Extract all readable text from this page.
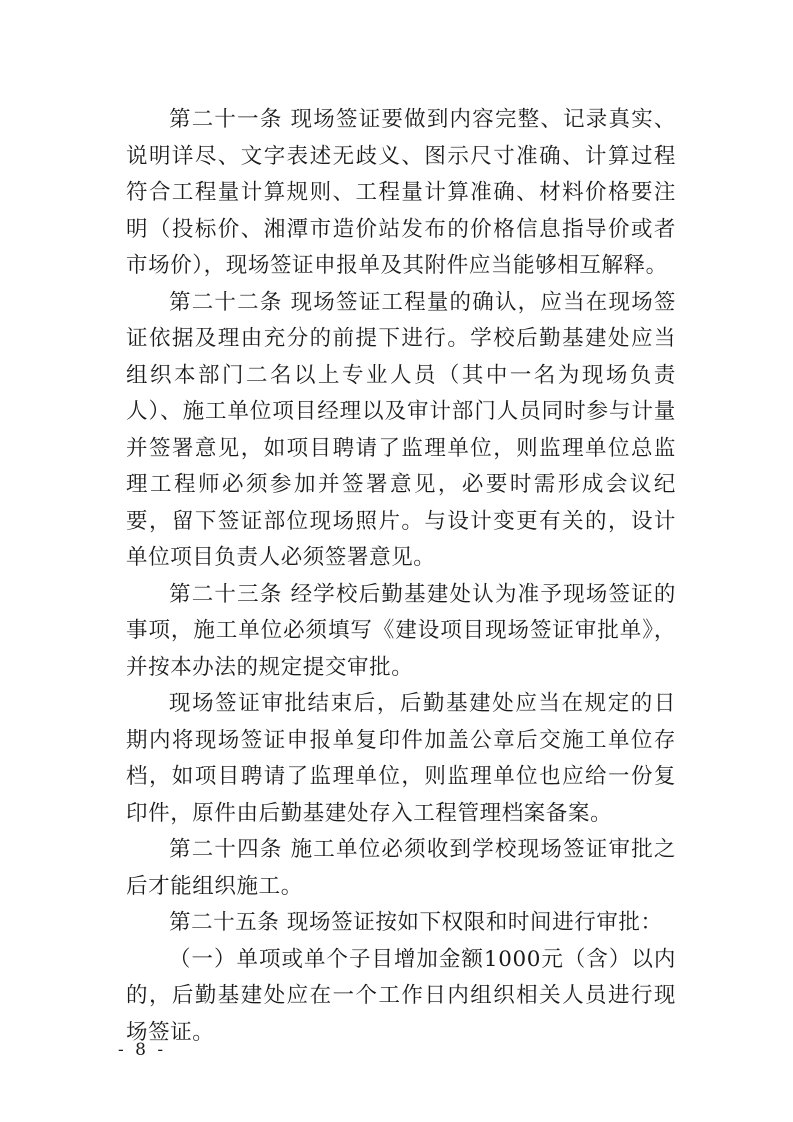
第二十一条 现场签证要做到内容完整、记录真实、说明详尽、文字表述无歧义、图示尺寸准确、计算过程符合工程量计算规则、工程量计算准确、材料价格要注明（投标价、湘潭市造价站发布的价格信息指导价或者市场价），现场签证申报单及其附件应当能够相互解释。

第二十二条 现场签证工程量的确认，应当在现场签证依据及理由充分的前提下进行。学校后勤基建处应当组织本部门二名以上专业人员（其中一名为现场负责人）、施工单位项目经理以及审计部门人员同时参与计量并签署意见，如项目聘请了监理单位，则监理单位总监理工程师必须参加并签署意见，必要时需形成会议纪要，留下签证部位现场照片。与设计变更有关的，设计单位项目负责人必须签署意见。

第二十三条 经学校后勤基建处认为准予现场签证的事项，施工单位必须填写《建设项目现场签证审批单》，并按本办法的规定提交审批。

现场签证审批结束后，后勤基建处应当在规定的日期内将现场签证申报单复印件加盖公章后交施工单位存档，如项目聘请了监理单位，则监理单位也应给一份复印件，原件由后勤基建处存入工程管理档案备案。

第二十四条 施工单位必须收到学校现场签证审批之后才能组织施工。

第二十五条 现场签证按如下权限和时间进行审批：

（一）单项或单个子目增加金额1000元（含）以内的，后勤基建处应在一个工作日内组织相关人员进行现场签证。

- 8 -
